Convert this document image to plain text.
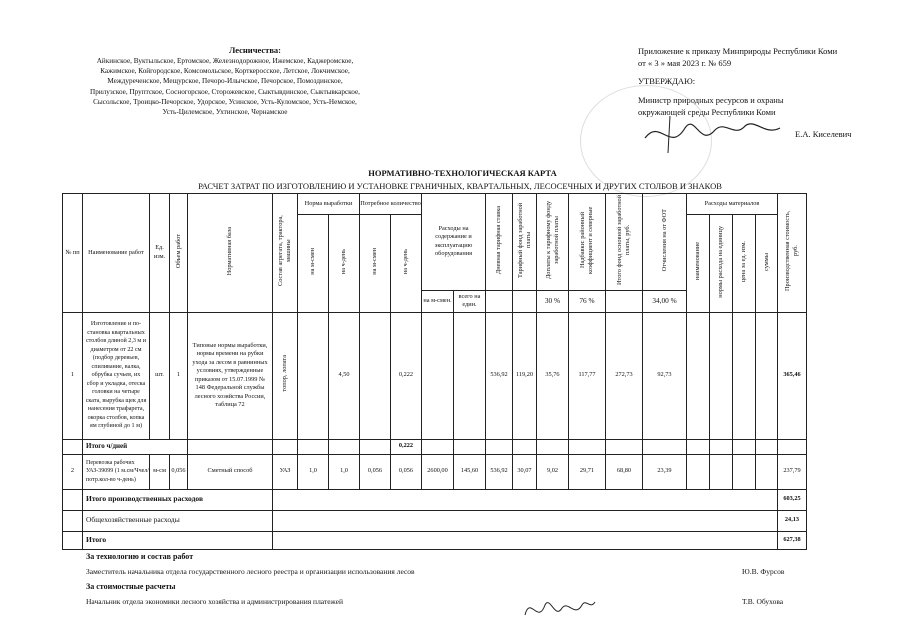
Лесничества:
Айкинское, Вуктыльское, Ертомское, Железнодорожное, Ижемское, Каджеромское,
Кажимское, Койгородское, Комсомольское, Корткеросское, Летское, Локчимское,
Междуреченское, Мещурское, Печоро-Илычское, Печорское, Помоздинское,
Прилузское, Пруптское, Сосногорское, Сторожевское, Сыктывдинское, Сыктывкарское,
Сысольское, Троицко-Печорское, Удорское, Усинское, Усть-Куломское, Усть-Немское,
Усть-Цилемское, Ухтинское, Чернамское
Приложение к приказу Минприроды Республики Коми
от « 3 » мая 2023 г. № 659
УТВЕРЖДАЮ:
Министр природных ресурсов и охраны
окружающей среды Республики Коми
Е.А. Киселевич
НОРМАТИВНО-ТЕХНОЛОГИЧЕСКАЯ КАРТА
РАСЧЕТ ЗАТРАТ ПО ИЗГОТОВЛЕНИЮ И УСТАНОВКЕ ГРАНИЧНЫХ, КВАРТАЛЬНЫХ, ЛЕСОСЕЧНЫХ И ДРУГИХ СТОЛБОВ И ЗНАКОВ
№ пп	Наименование работ	Ед. изм.	Объем работ	Нормативная база	Состав агрегата, трактора, машины	Норма выработки		Потребное количество		Расходы на содержание и эксплуатацию оборудования		Дневная тарифная ставка	Тарифный фонд заработной платы	Доплаты к тарифному фонду заработной платы	Надбавки: районный коэффициент и северные	Итого фонд основной заработной платы, руб.	Отчисления на от ФОТ	Расходы материалов				Производственная стоимость, руб.
						на м-смен	на ч-день	на м-смен	на ч-день									наименование	нормы расхода на единицу	цена за ед. изм.	суммы	
										на м-смен.	всего на един.			30 %	76 %		34,00 %					
1	Изготовление и по-становка квартальных столбов длиной 2,3 м и диаметром от 22 см (подбор деревьев, спиливание, валка, обрубка сучьев, их сбор и укладка, отеска головки на четыре ската, вырубка щек для нанесения трафарета, окорка столбов, копка ям глубиной до 1 м)	шт.	1	Типовые нормы выработки, нормы времени на рубки ухода за лесом в равнинных условиях, утвержденные приказом от 15.07.1999 № 148 Федеральной службы лесного хозяйства России, таблица 72	топор, лопата		4,50		0,222			536,92	119,20	35,76	117,77	272,73	92,73					365,46
	Итого ч/дней								0,222													
2	Перевозка рабочих УАЗ-39099 (1 м.см/Ччел/потр.кол-во ч-день)	м-см	0,056	Сметный способ	УАЗ	1,0	1,0	0,056	0,056	2600,00	145,60	536,92	30,07	9,02	29,71	68,80	23,39					237,79
	Итого производственных расходов																					603,25
	Общехозяйственные расходы																					24,13
	Итого																					627,38
За технологию и состав работ
Заместитель начальника отдела государственного лесного реестра и организации использования лесов	Ю.В. Фурсов
За стоимостные расчеты
Начальник отдела экономики лесного хозяйства и администрирования платежей	Т.В. Обухова
